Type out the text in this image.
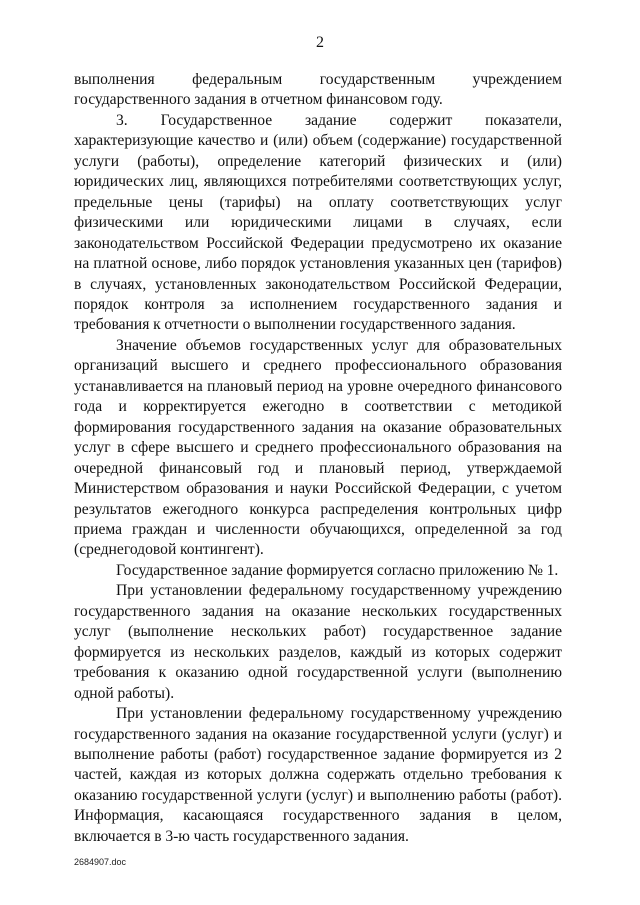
2

выполнения федеральным государственным учреждением государственного задания в отчетном финансовом году.

3. Государственное задание содержит показатели, характеризующие качество и (или) объем (содержание) государственной услуги (работы), определение категорий физических и (или) юридических лиц, являющихся потребителями соответствующих услуг, предельные цены (тарифы) на оплату соответствующих услуг физическими или юридическими лицами в случаях, если законодательством Российской Федерации предусмотрено их оказание на платной основе, либо порядок установления указанных цен (тарифов) в случаях, установленных законодательством Российской Федерации, порядок контроля за исполнением государственного задания и требования к отчетности о выполнении государственного задания.

Значение объемов государственных услуг для образовательных организаций высшего и среднего профессионального образования устанавливается на плановый период на уровне очередного финансового года и корректируется ежегодно в соответствии с методикой формирования государственного задания на оказание образовательных услуг в сфере высшего и среднего профессионального образования на очередной финансовый год и плановый период, утверждаемой Министерством образования и науки Российской Федерации, с учетом результатов ежегодного конкурса распределения контрольных цифр приема граждан и численности обучающихся, определенной за год (среднегодовой контингент).

Государственное задание формируется согласно приложению № 1.

При установлении федеральному государственному учреждению государственного задания на оказание нескольких государственных услуг (выполнение нескольких работ) государственное задание формируется из нескольких разделов, каждый из которых содержит требования к оказанию одной государственной услуги (выполнению одной работы).

При установлении федеральному государственному учреждению государственного задания на оказание государственной услуги (услуг) и выполнение работы (работ) государственное задание формируется из 2 частей, каждая из которых должна содержать отдельно требования к оказанию государственной услуги (услуг) и выполнению работы (работ). Информация, касающаяся государственного задания в целом, включается в 3-ю часть государственного задания.

2684907.doc
